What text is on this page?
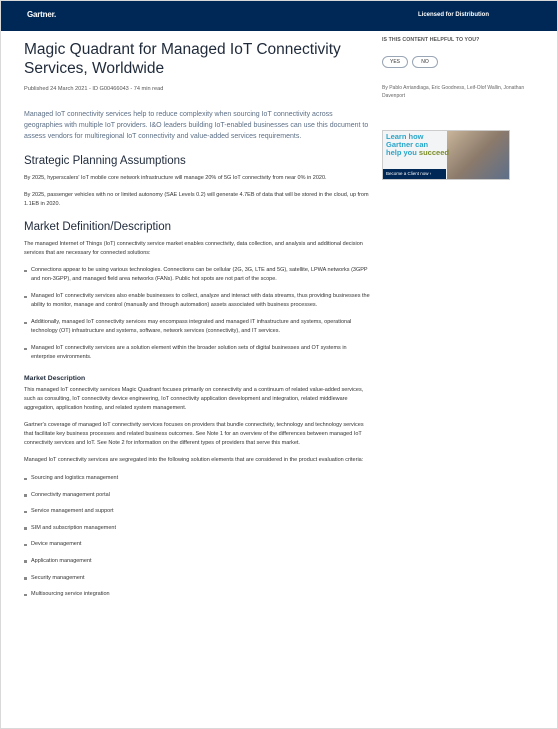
Gartner.	Licensed for Distribution
Magic Quadrant for Managed IoT Connectivity
Services, Worldwide
Published 24 March 2021 - ID G00466043 - 74 min read
Managed IoT connectivity services help to reduce complexity when sourcing IoT connectivity across geographies with multiple IoT providers. I&O leaders building IoT-enabled businesses can use this document to assess vendors for multiregional IoT connectivity and value-added services requirements.
Strategic Planning Assumptions

By 2025, hyperscalers' IoT mobile core network infrastructure will manage 20% of 5G IoT connectivity from near 0% in 2020.

By 2025, passenger vehicles with no or limited autonomy (SAE Levels 0.2) will generate 4.7EB of data that will be stored in the cloud, up from 1.1EB in 2020.

Market Definition/Description

The managed Internet of Things (IoT) connectivity service market enables connectivity, data collection, and analysis and additional decision services that are necessary for connected solutions:

Connections appear to be using various technologies. Connections can be cellular (2G, 3G, LTE and 5G), satellite, LPWA networks (3GPP and non-3GPP), and managed field area networks (FANs). Public hot spots are not part of the scope.
Managed IoT connectivity services also enable businesses to collect, analyze and interact with data streams, thus providing businesses the ability to monitor, manage and control (manually and through automation) assets associated with business processes.
Additionally, managed IoT connectivity services may encompass integrated and managed IT infrastructure and systems, operational technology (OT) infrastructure and systems, software, network services (connectivity), and IT services.
Managed IoT connectivity services are a solution element within the broader solution sets of digital businesses and OT systems in enterprise environments.
Market Description

This managed IoT connectivity services Magic Quadrant focuses primarily on connectivity and a continuum of related value-added services, such as consulting, IoT connectivity device engineering, IoT connectivity application development and integration, related middleware aggregation, application hosting, and related system management.

Gartner's coverage of managed IoT connectivity services focuses on providers that bundle connectivity, technology and technology services that facilitate key business processes and related business outcomes. See Note 1 for an overview of the differences between managed IoT connectivity services and IoT. See Note 2 for information on the different types of providers that serve this market.

Managed IoT connectivity services are segregated into the following solution elements that are considered in the product evaluation criteria:

Sourcing and logistics management
Connectivity management portal
Service management and support
SIM and subscription management
Device management
Application management
Security management
Multisourcing service integration
IS THIS CONTENT HELPFUL TO YOU?
YES	NO
By Pablo Arriandiaga, Eric Goodness, Leif-Olof Wallin, Jonathan Davenport
Learn how
Gartner can
help you succeed
Become a Client now ›
